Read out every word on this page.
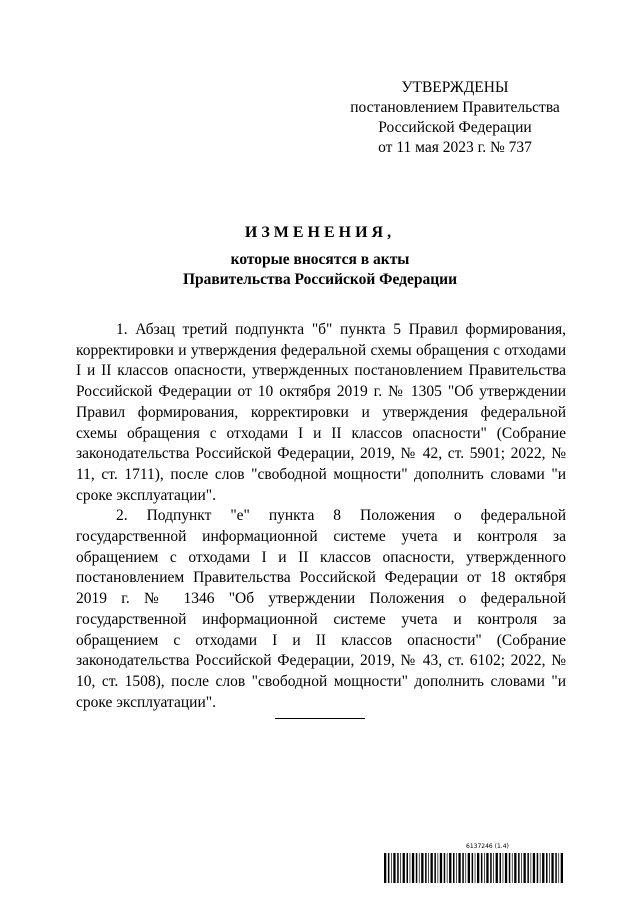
УТВЕРЖДЕНЫ
постановлением Правительства
Российской Федерации
от 11 мая 2023 г. № 737
ИЗМЕНЕНИЯ,
которые вносятся в акты
Правительства Российской Федерации

1. Абзац третий подпункта "б" пункта 5 Правил формирования, корректировки и утверждения федеральной схемы обращения с отходами I и II классов опасности, утвержденных постановлением Правительства Российской Федерации от 10 октября 2019 г. № 1305 "Об утверждении Правил формирования, корректировки и утверждения федеральной схемы обращения с отходами I и II классов опасности" (Собрание законодательства Российской Федерации, 2019, № 42, ст. 5901; 2022, № 11, ст. 1711), после слов "свободной мощности" дополнить словами "и сроке эксплуатации".

2. Подпункт "е" пункта 8 Положения о федеральной государственной информационной системе учета и контроля за обращением с отходами I и II классов опасности, утвержденного постановлением Правительства Российской Федерации от 18 октября 2019 г. № 1346 "Об утверждении Положения о федеральной государственной информационной системе учета и контроля за обращением с отходами I и II классов опасности" (Собрание законодательства Российской Федерации, 2019, № 43, ст. 6102; 2022, № 10, ст. 1508), после слов "свободной мощности" дополнить словами "и сроке эксплуатации".

6137246 (1.4)
